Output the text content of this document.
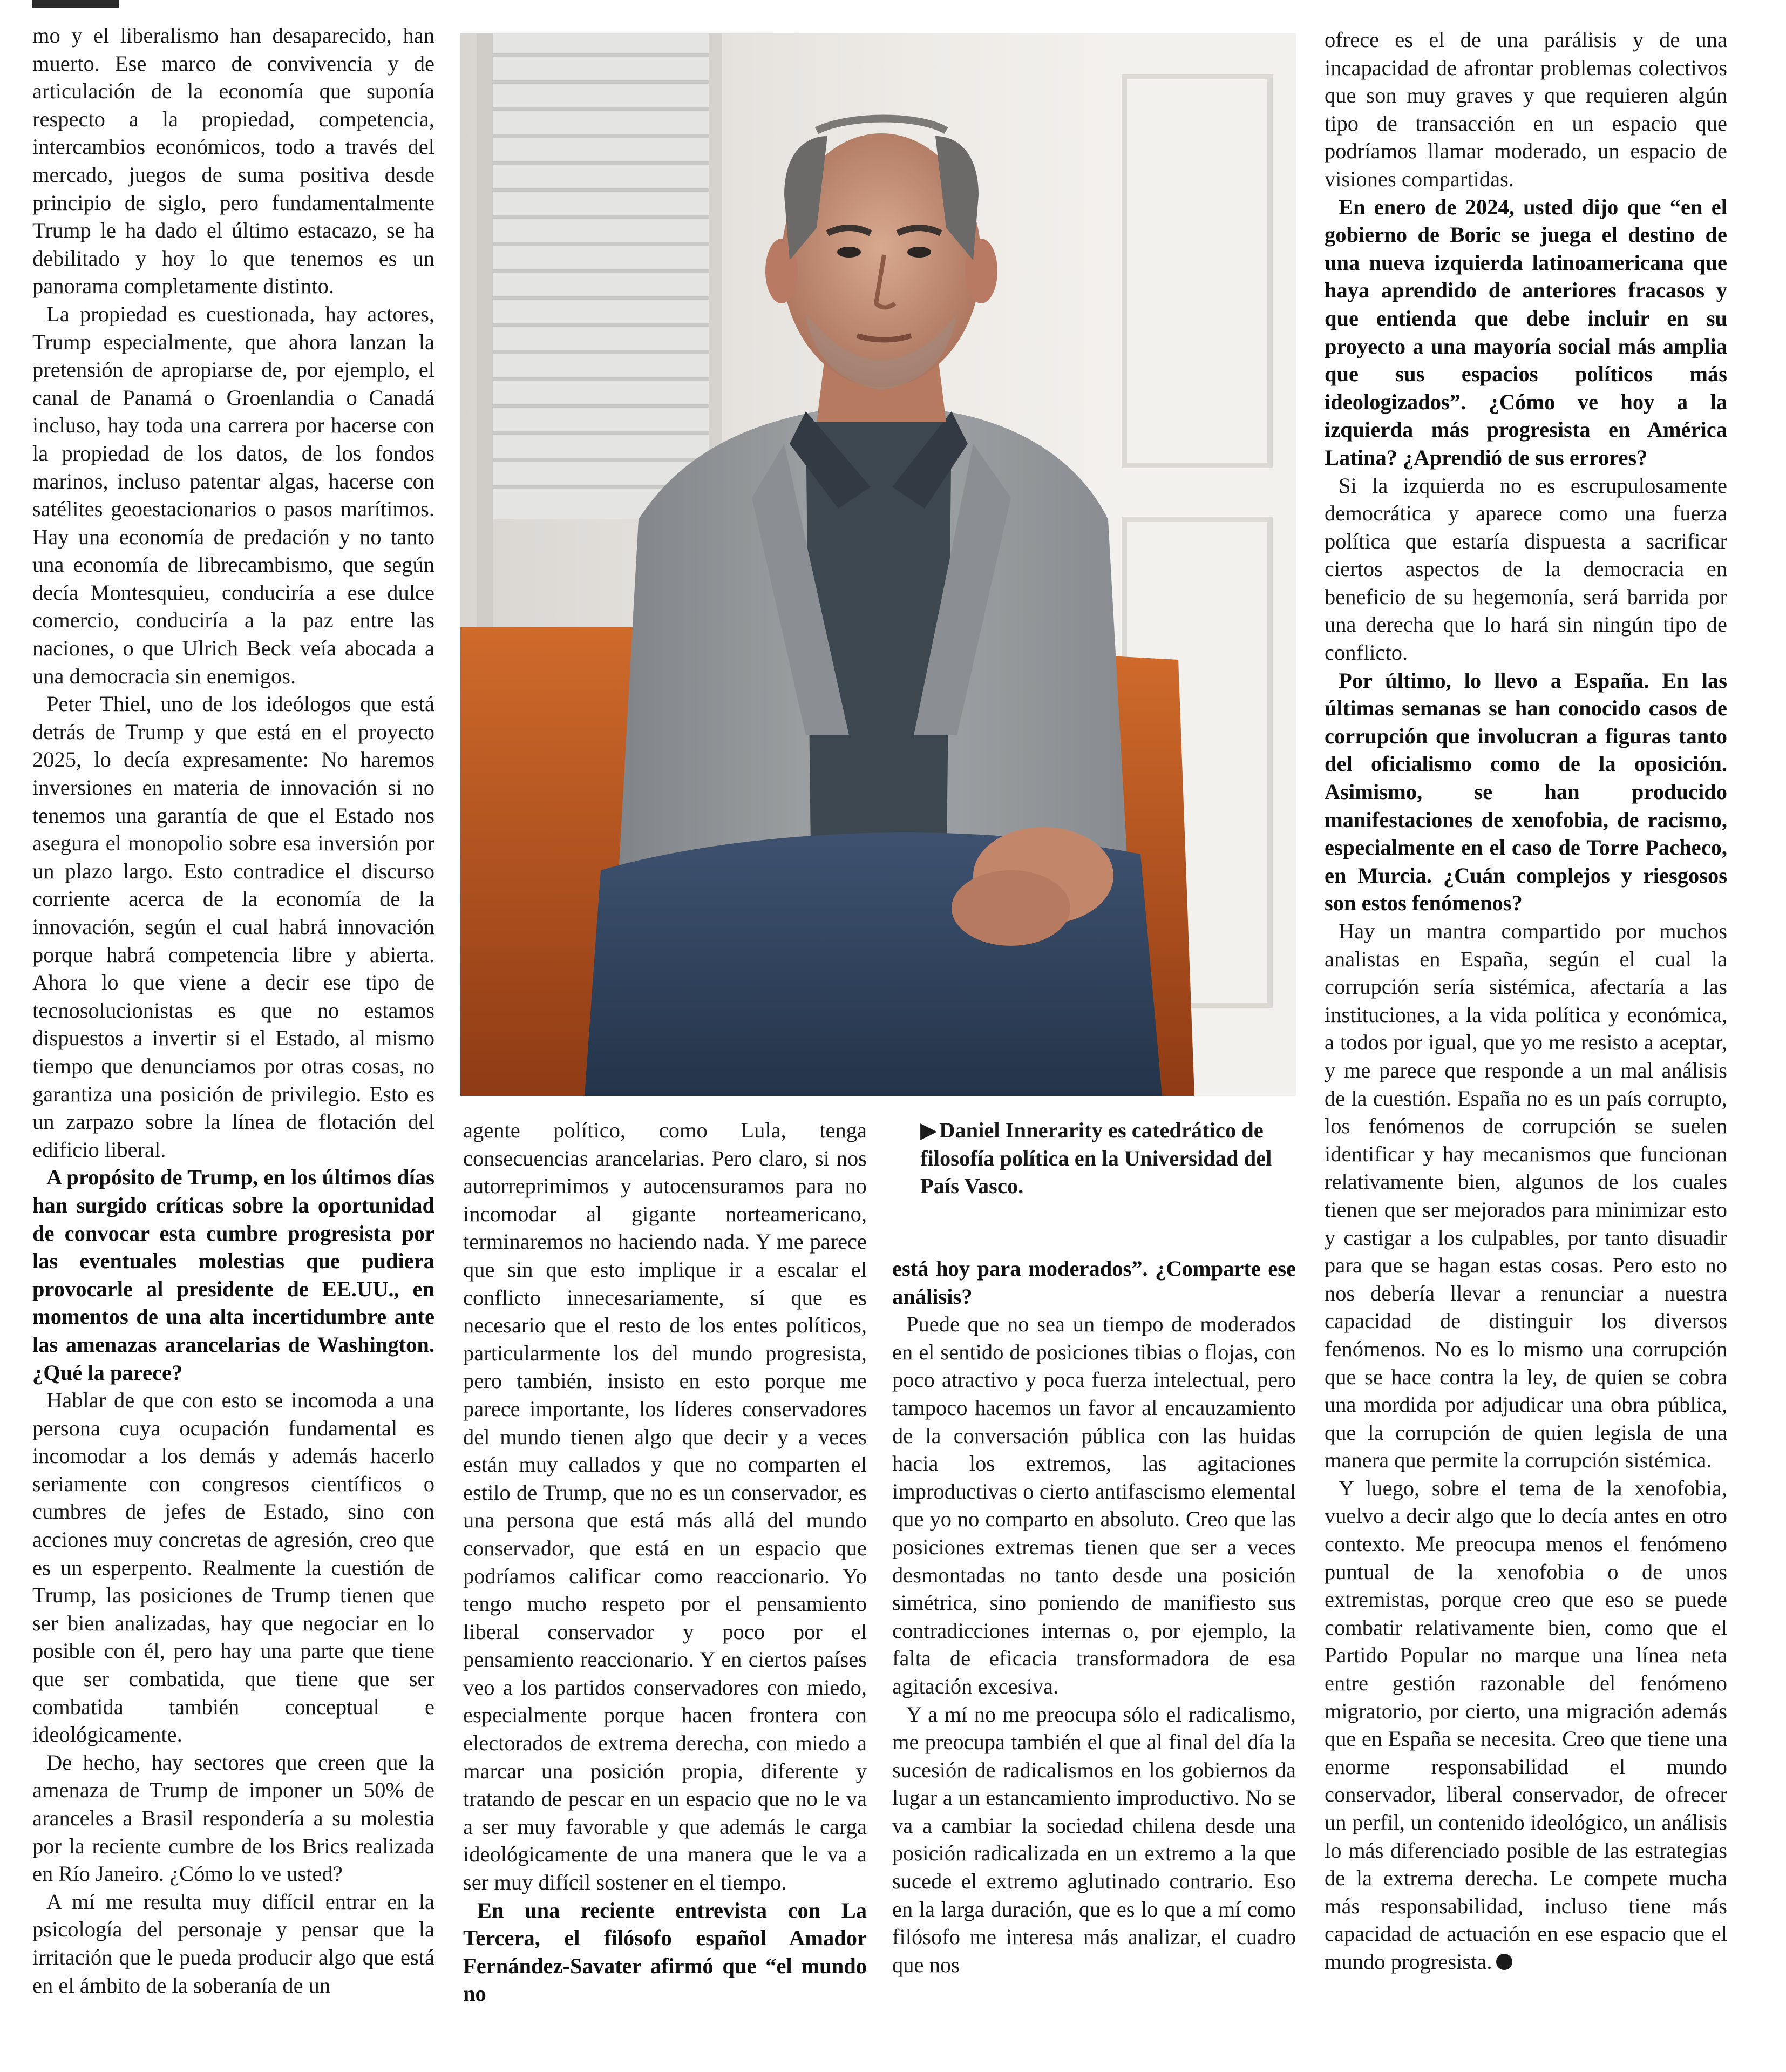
mo y el liberalismo han desaparecido, han muerto. Ese marco de convivencia y de articulación de la economía que suponía respecto a la propiedad, competencia, intercambios económicos, todo a través del mercado, juegos de suma positiva desde principio de siglo, pero fundamentalmente Trump le ha dado el último estacazo, se ha debilitado y hoy lo que tenemos es un panorama completamente distinto.

La propiedad es cuestionada, hay actores, Trump especialmente, que ahora lanzan la pretensión de apropiarse de, por ejemplo, el canal de Panamá o Groenlandia o Canadá incluso, hay toda una carrera por hacerse con la propiedad de los datos, de los fondos marinos, incluso patentar algas, hacerse con satélites geoestacionarios o pasos marítimos. Hay una economía de predación y no tanto una economía de librecambismo, que según decía Montesquieu, conduciría a ese dulce comercio, conduciría a la paz entre las naciones, o que Ulrich Beck veía abocada a una democracia sin enemigos.

Peter Thiel, uno de los ideólogos que está detrás de Trump y que está en el proyecto 2025, lo decía expresamente: No haremos inversiones en materia de innovación si no tenemos una garantía de que el Estado nos asegura el monopolio sobre esa inversión por un plazo largo. Esto contradice el discurso corriente acerca de la economía de la innovación, según el cual habrá innovación porque habrá competencia libre y abierta. Ahora lo que viene a decir ese tipo de tecnosolucionistas es que no estamos dispuestos a invertir si el Estado, al mismo tiempo que denunciamos por otras cosas, no garantiza una posición de privilegio. Esto es un zarpazo sobre la línea de flotación del edificio liberal.

A propósito de Trump, en los últimos días han surgido críticas sobre la oportunidad de convocar esta cumbre progresista por las eventuales molestias que pudiera provocarle al presidente de EE.UU., en momentos de una alta incertidumbre ante las amenazas arancelarias de Washington. ¿Qué la parece?

Hablar de que con esto se incomoda a una persona cuya ocupación fundamental es incomodar a los demás y además hacerlo seriamente con congresos científicos o cumbres de jefes de Estado, sino con acciones muy concretas de agresión, creo que es un esperpento. Realmente la cuestión de Trump, las posiciones de Trump tienen que ser bien analizadas, hay que negociar en lo posible con él, pero hay una parte que tiene que ser combatida, que tiene que ser combatida también conceptual e ideológicamente.

De hecho, hay sectores que creen que la amenaza de Trump de imponer un 50% de aranceles a Brasil respondería a su molestia por la reciente cumbre de los Brics realizada en Río Janeiro. ¿Cómo lo ve usted?

A mí me resulta muy difícil entrar en la psicología del personaje y pensar que la irritación que le pueda producir algo que está en el ámbito de la soberanía de un

agente político, como Lula, tenga consecuencias arancelarias. Pero claro, si nos autorreprimimos y autocensuramos para no incomodar al gigante norteamericano, terminaremos no haciendo nada. Y me parece que sin que esto implique ir a escalar el conflicto innecesariamente, sí que es necesario que el resto de los entes políticos, particularmente los del mundo progresista, pero también, insisto en esto porque me parece importante, los líderes conservadores del mundo tienen algo que decir y a veces están muy callados y que no comparten el estilo de Trump, que no es un conservador, es una persona que está más allá del mundo conservador, que está en un espacio que podríamos calificar como reaccionario. Yo tengo mucho respeto por el pensamiento liberal conservador y poco por el pensamiento reaccionario. Y en ciertos países veo a los partidos conservadores con miedo, especialmente porque hacen frontera con electorados de extrema derecha, con miedo a marcar una posición propia, diferente y tratando de pescar en un espacio que no le va a ser muy favorable y que además le carga ideológicamente de una manera que le va a ser muy difícil sostener en el tiempo.

En una reciente entrevista con La Tercera, el filósofo español Amador Fernández-Savater afirmó que “el mundo no

▶Daniel Innerarity es catedrático de filosofía política en la Universidad del País Vasco.

está hoy para moderados”. ¿Comparte ese análisis?

Puede que no sea un tiempo de moderados en el sentido de posiciones tibias o flojas, con poco atractivo y poca fuerza intelectual, pero tampoco hacemos un favor al encauzamiento de la conversación pública con las huidas hacia los extremos, las agitaciones improductivas o cierto antifascismo elemental que yo no comparto en absoluto. Creo que las posiciones extremas tienen que ser a veces desmontadas no tanto desde una posición simétrica, sino poniendo de manifiesto sus contradicciones internas o, por ejemplo, la falta de eficacia transformadora de esa agitación excesiva.

Y a mí no me preocupa sólo el radicalismo, me preocupa también el que al final del día la sucesión de radicalismos en los gobiernos da lugar a un estancamiento improductivo. No se va a cambiar la sociedad chilena desde una posición radicalizada en un extremo a la que sucede el extremo aglutinado contrario. Eso en la larga duración, que es lo que a mí como filósofo me interesa más analizar, el cuadro que nos

ofrece es el de una parálisis y de una incapacidad de afrontar problemas colectivos que son muy graves y que requieren algún tipo de transacción en un espacio que podríamos llamar moderado, un espacio de visiones compartidas.

En enero de 2024, usted dijo que “en el gobierno de Boric se juega el destino de una nueva izquierda latinoamericana que haya aprendido de anteriores fracasos y que entienda que debe incluir en su proyecto a una mayoría social más amplia que sus espacios políticos más ideologizados”. ¿Cómo ve hoy a la izquierda más progresista en América Latina? ¿Aprendió de sus errores?

Si la izquierda no es escrupulosamente democrática y aparece como una fuerza política que estaría dispuesta a sacrificar ciertos aspectos de la democracia en beneficio de su hegemonía, será barrida por una derecha que lo hará sin ningún tipo de conflicto.

Por último, lo llevo a España. En las últimas semanas se han conocido casos de corrupción que involucran a figuras tanto del oficialismo como de la oposición. Asimismo, se han producido manifestaciones de xenofobia, de racismo, especialmente en el caso de Torre Pacheco, en Murcia. ¿Cuán complejos y riesgosos son estos fenómenos?

Hay un mantra compartido por muchos analistas en España, según el cual la corrupción sería sistémica, afectaría a las instituciones, a la vida política y económica, a todos por igual, que yo me resisto a aceptar, y me parece que responde a un mal análisis de la cuestión. España no es un país corrupto, los fenómenos de corrupción se suelen identificar y hay mecanismos que funcionan relativamente bien, algunos de los cuales tienen que ser mejorados para minimizar esto y castigar a los culpables, por tanto disuadir para que se hagan estas cosas. Pero esto no nos debería llevar a renunciar a nuestra capacidad de distinguir los diversos fenómenos. No es lo mismo una corrupción que se hace contra la ley, de quien se cobra una mordida por adjudicar una obra pública, que la corrupción de quien legisla de una manera que permite la corrupción sistémica.

Y luego, sobre el tema de la xenofobia, vuelvo a decir algo que lo decía antes en otro contexto. Me preocupa menos el fenómeno puntual de la xenofobia o de unos extremistas, porque creo que eso se puede combatir relativamente bien, como que el Partido Popular no marque una línea neta entre gestión razonable del fenómeno migratorio, por cierto, una migración además que en España se necesita. Creo que tiene una enorme responsabilidad el mundo conservador, liberal conservador, de ofrecer un perfil, un contenido ideológico, un análisis lo más diferenciado posible de las estrategias de la extrema derecha. Le compete mucha más responsabilidad, incluso tiene más capacidad de actuación en ese espacio que el mundo progresista.
